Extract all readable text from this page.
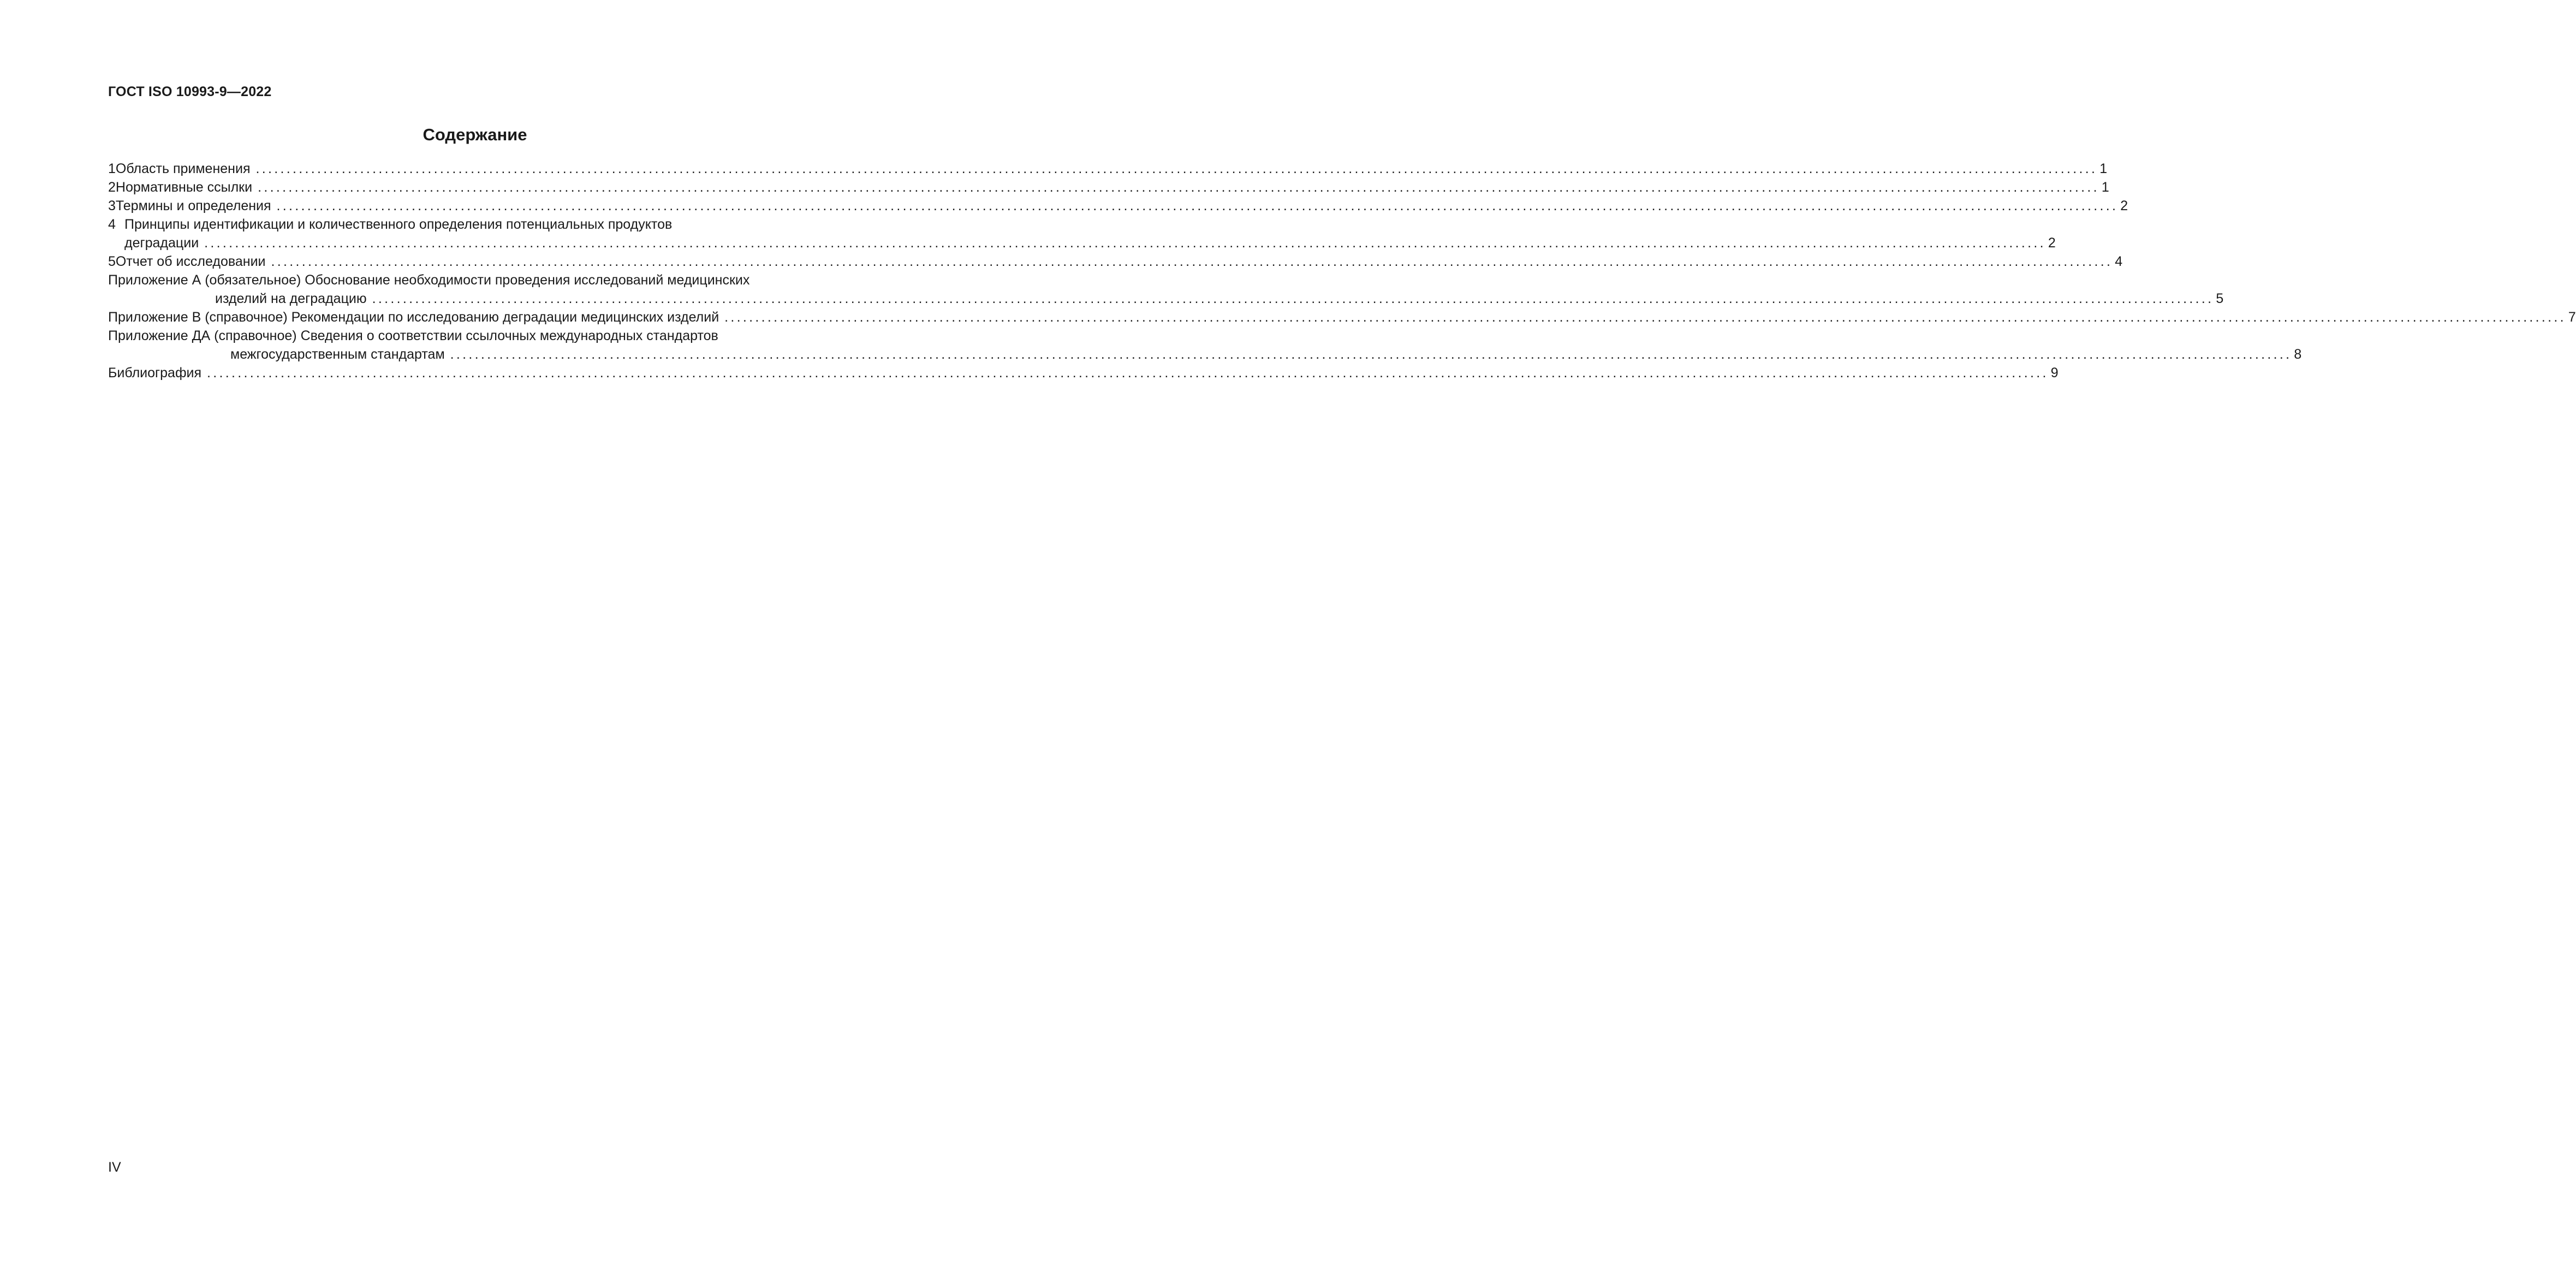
ГОСТ ISO 10993-9—2022
Содержание
1 Область применения ............................................................................................................................................................................................................................................................................................................ 1
2 Нормативные ссылки ............................................................................................................................................................................................................................................................................................................ 1
3 Термины и определения ............................................................................................................................................................................................................................................................................................................ 2
4 Принципы идентификации и количественного определения потенциальных продуктов
деградации ............................................................................................................................................................................................................................................................................................................ 2
5 Отчет об исследовании ............................................................................................................................................................................................................................................................................................................ 4
Приложение А (обязательное) Обоснование необходимости проведения исследований медицинских
изделий на деградацию ............................................................................................................................................................................................................................................................................................................ 5
Приложение В (справочное) Рекомендации по исследованию деградации медицинских изделий ............................................................................................................................................................................................................................................................................................................ 7
Приложение ДА (справочное) Сведения о соответствии ссылочных международных стандартов
межгосударственным стандартам ............................................................................................................................................................................................................................................................................................................ 8
Библиография ............................................................................................................................................................................................................................................................................................................ 9
IV
